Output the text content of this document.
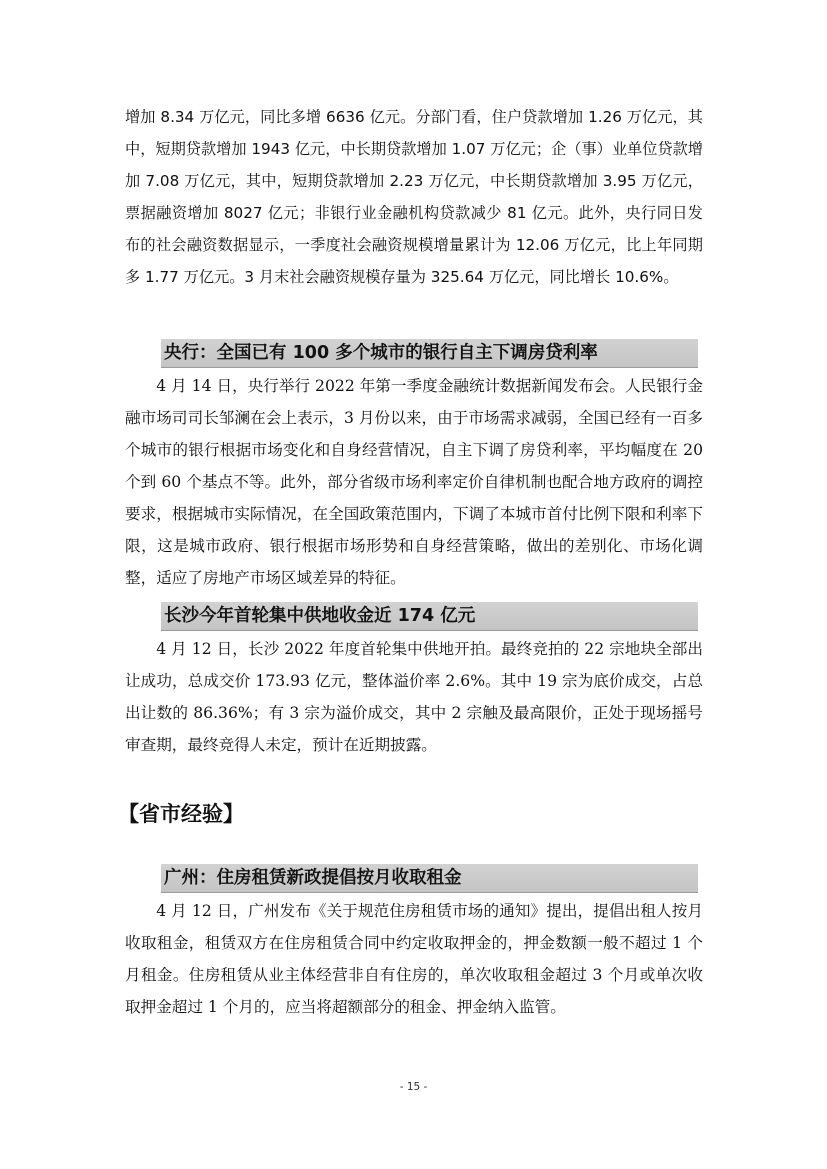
增加 8.34 万亿元，同比多增 6636 亿元。分部门看，住户贷款增加 1.26 万亿元，其中，短期贷款增加 1943 亿元，中长期贷款增加 1.07 万亿元；企（事）业单位贷款增加 7.08 万亿元，其中，短期贷款增加 2.23 万亿元，中长期贷款增加 3.95 万亿元，票据融资增加 8027 亿元；非银行业金融机构贷款减少 81 亿元。此外，央行同日发布的社会融资数据显示，一季度社会融资规模增量累计为 12.06 万亿元，比上年同期多 1.77 万亿元。3 月末社会融资规模存量为 325.64 万亿元，同比增长 10.6%。

央行：全国已有 100 多个城市的银行自主下调房贷利率

4 月 14 日，央行举行 2022 年第一季度金融统计数据新闻发布会。人民银行金融市场司司长邹澜在会上表示，3 月份以来，由于市场需求减弱，全国已经有一百多个城市的银行根据市场变化和自身经营情况，自主下调了房贷利率，平均幅度在 20 个到 60 个基点不等。此外，部分省级市场利率定价自律机制也配合地方政府的调控要求，根据城市实际情况，在全国政策范围内，下调了本城市首付比例下限和利率下限，这是城市政府、银行根据市场形势和自身经营策略，做出的差别化、市场化调整，适应了房地产市场区域差异的特征。

长沙今年首轮集中供地收金近 174 亿元

4 月 12 日，长沙 2022 年度首轮集中供地开拍。最终竞拍的 22 宗地块全部出让成功，总成交价 173.93 亿元，整体溢价率 2.6%。其中 19 宗为底价成交，占总出让数的 86.36%；有 3 宗为溢价成交，其中 2 宗触及最高限价，正处于现场摇号审查期，最终竞得人未定，预计在近期披露。

【省市经验】
广州：住房租赁新政提倡按月收取租金

4 月 12 日，广州发布《关于规范住房租赁市场的通知》提出，提倡出租人按月收取租金，租赁双方在住房租赁合同中约定收取押金的，押金数额一般不超过 1 个月租金。住房租赁从业主体经营非自有住房的，单次收取租金超过 3 个月或单次收取押金超过 1 个月的，应当将超额部分的租金、押金纳入监管。

- 15 -
